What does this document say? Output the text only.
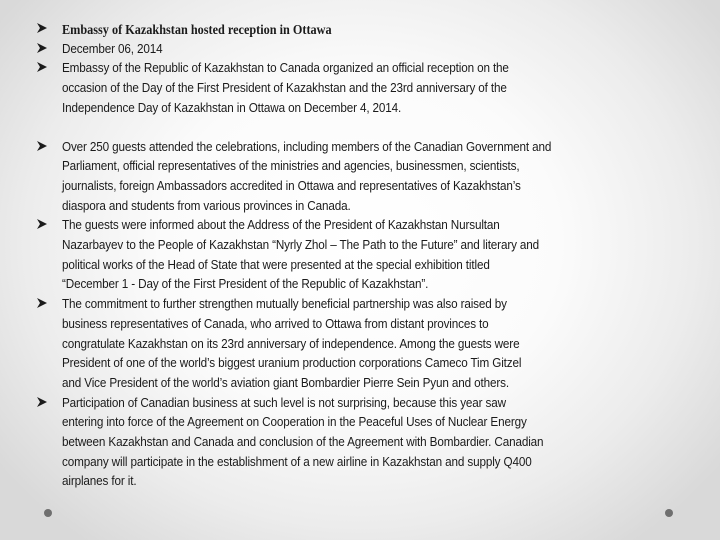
Embassy of Kazakhstan hosted reception in Ottawa
December 06, 2014
Embassy of the Republic of Kazakhstan to Canada organized an official reception on the
occasion of the Day of the First President of Kazakhstan and the 23rd anniversary of the
Independence Day of Kazakhstan in Ottawa on December 4, 2014.
Over 250 guests attended the celebrations, including members of the Canadian Government and
Parliament, official representatives of the ministries and agencies, businessmen, scientists,
journalists, foreign Ambassadors accredited in Ottawa and representatives of Kazakhstan’s
diaspora and students from various provinces in Canada.
The guests were informed about the Address of the President of Kazakhstan Nursultan
Nazarbayev to the People of Kazakhstan “Nyrly Zhol – The Path to the Future” and literary and
political works of the Head of State that were presented at the special exhibition titled
“December 1 - Day of the First President of the Republic of Kazakhstan”.
The commitment to further strengthen mutually beneficial partnership was also raised by
business representatives of Canada, who arrived to Ottawa from distant provinces to
congratulate Kazakhstan on its 23rd anniversary of independence. Among the guests were
President of one of the world’s biggest uranium production corporations Cameco Tim Gitzel
and Vice President of the world’s aviation giant Bombardier Pierre Sein Pyun and others.
Participation of Canadian business at such level is not surprising, because this year saw
entering into force of the Agreement on Cooperation in the Peaceful Uses of Nuclear Energy
between Kazakhstan and Canada and conclusion of the Agreement with Bombardier. Canadian
company will participate in the establishment of a new airline in Kazakhstan and supply Q400
airplanes for it.
